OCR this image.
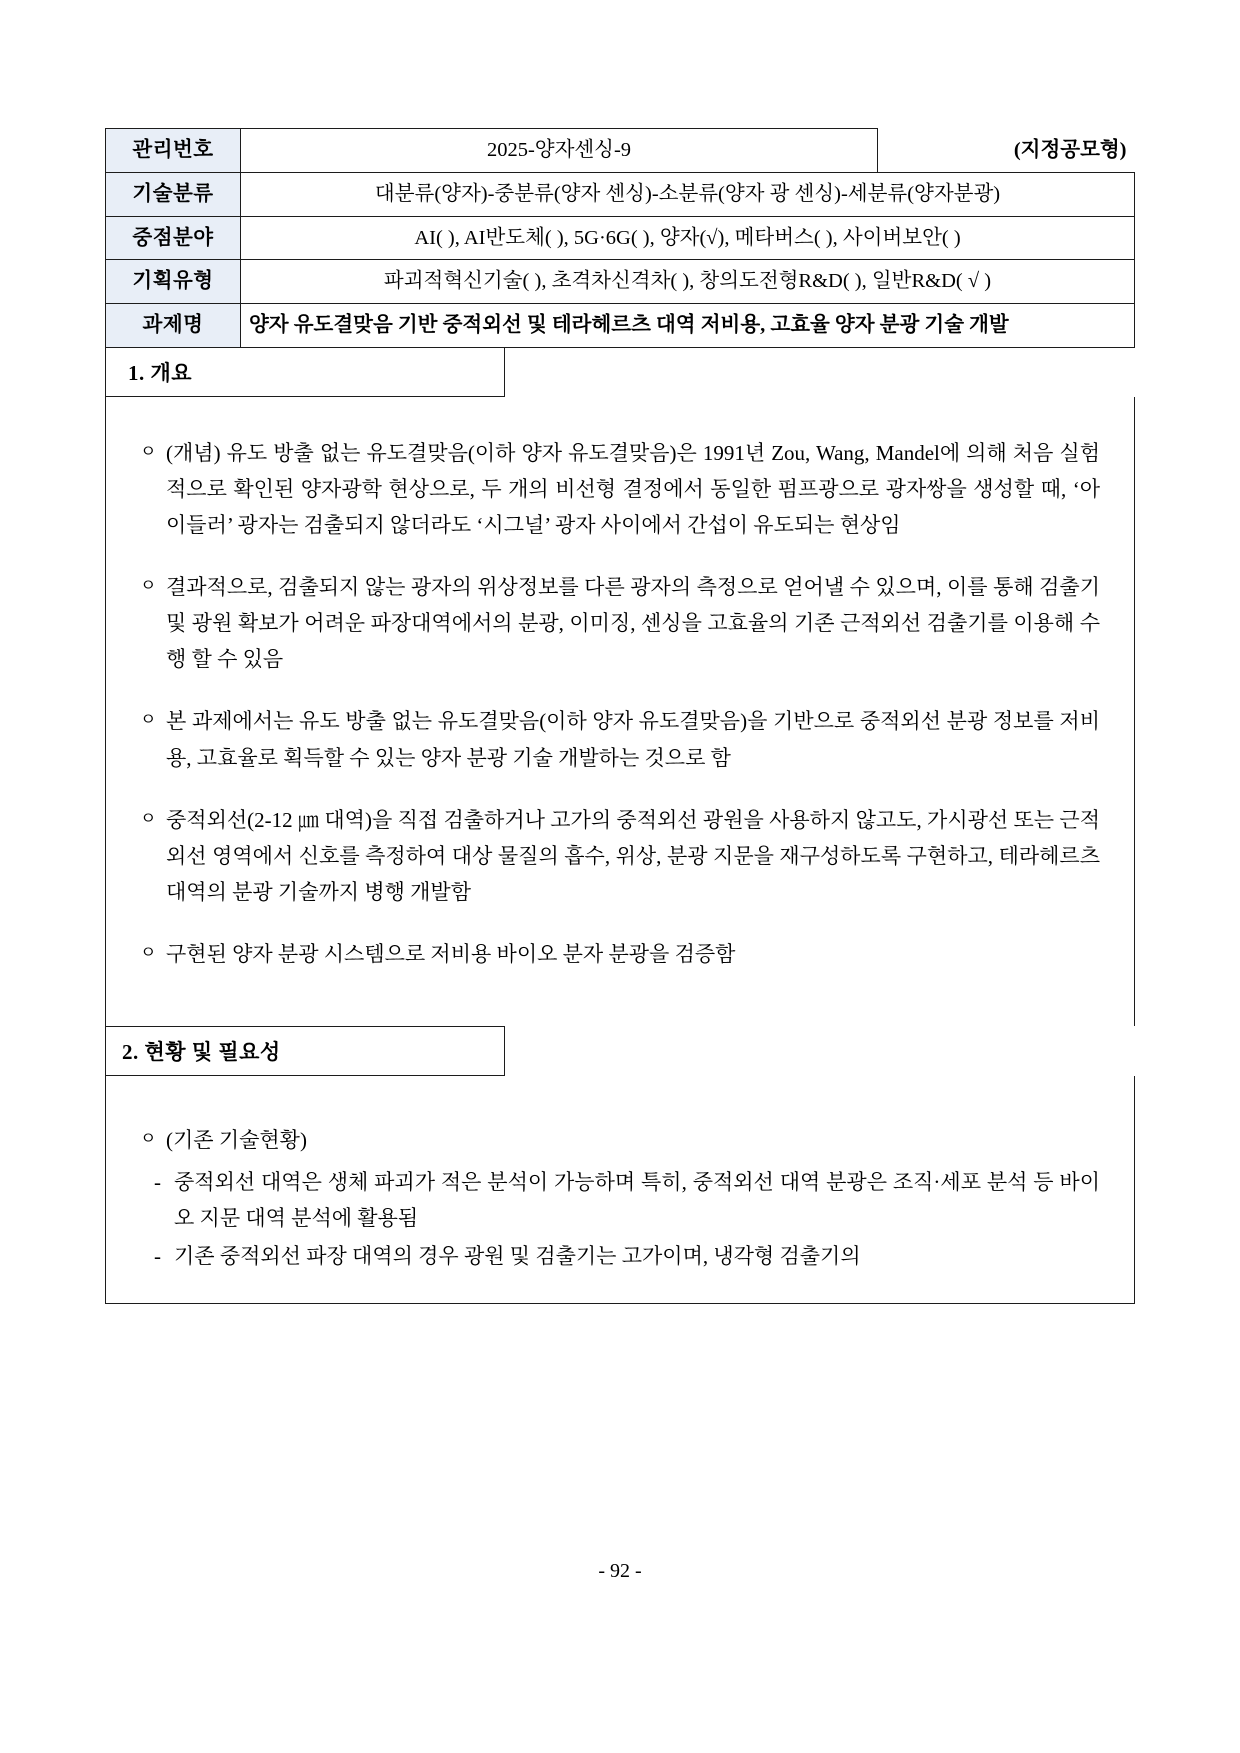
관리번호	2025-양자센싱-9	(지정공모형)
기술분류	대분류(양자)-중분류(양자 센싱)-소분류(양자 광 센싱)-세분류(양자분광)	
중점분야	AI( ), AI반도체( ), 5G·6G( ), 양자(√), 메타버스( ), 사이버보안( )	
기획유형	파괴적혁신기술( ), 초격차신격차( ), 창의도전형R&D( ), 일반R&D( √ )	
과제명	양자 유도결맞음 기반 중적외선 및 테라헤르츠 대역 저비용, 고효율 양자 분광 기술 개발	
1. 개요
ㅇ (개념) 유도 방출 없는 유도결맞음(이하 양자 유도결맞음)은 1991년 Zou, Wang, Mandel에 의해 처음 실험적으로 확인된 양자광학 현상으로, 두 개의 비선형 결정에서 동일한 펌프광으로 광자쌍을 생성할 때, ‘아이들러’ 광자는 검출되지 않더라도 ‘시그널’ 광자 사이에서 간섭이 유도되는 현상임
ㅇ 결과적으로, 검출되지 않는 광자의 위상정보를 다른 광자의 측정으로 얻어낼 수 있으며, 이를 통해 검출기 및 광원 확보가 어려운 파장대역에서의 분광, 이미징, 센싱을 고효율의 기존 근적외선 검출기를 이용해 수행 할 수 있음
ㅇ 본 과제에서는 유도 방출 없는 유도결맞음(이하 양자 유도결맞음)을 기반으로 중적외선 분광 정보를 저비용, 고효율로 획득할 수 있는 양자 분광 기술 개발하는 것으로 함
ㅇ 중적외선(2‑12 ㎛ 대역)을 직접 검출하거나 고가의 중적외선 광원을 사용하지 않고도, 가시광선 또는 근적외선 영역에서 신호를 측정하여 대상 물질의 흡수, 위상, 분광 지문을 재구성하도록 구현하고, 테라헤르츠 대역의 분광 기술까지 병행 개발함
ㅇ 구현된 양자 분광 시스템으로 저비용 바이오 분자 분광을 검증함
2. 현황 및 필요성
ㅇ (기존 기술현황)
- 중적외선 대역은 생체 파괴가 적은 분석이 가능하며 특히, 중적외선 대역 분광은 조직·세포 분석 등 바이오 지문 대역 분석에 활용됨
- 기존 중적외선 파장 대역의 경우 광원 및 검출기는 고가이며, 냉각형 검출기의
- 92 -
